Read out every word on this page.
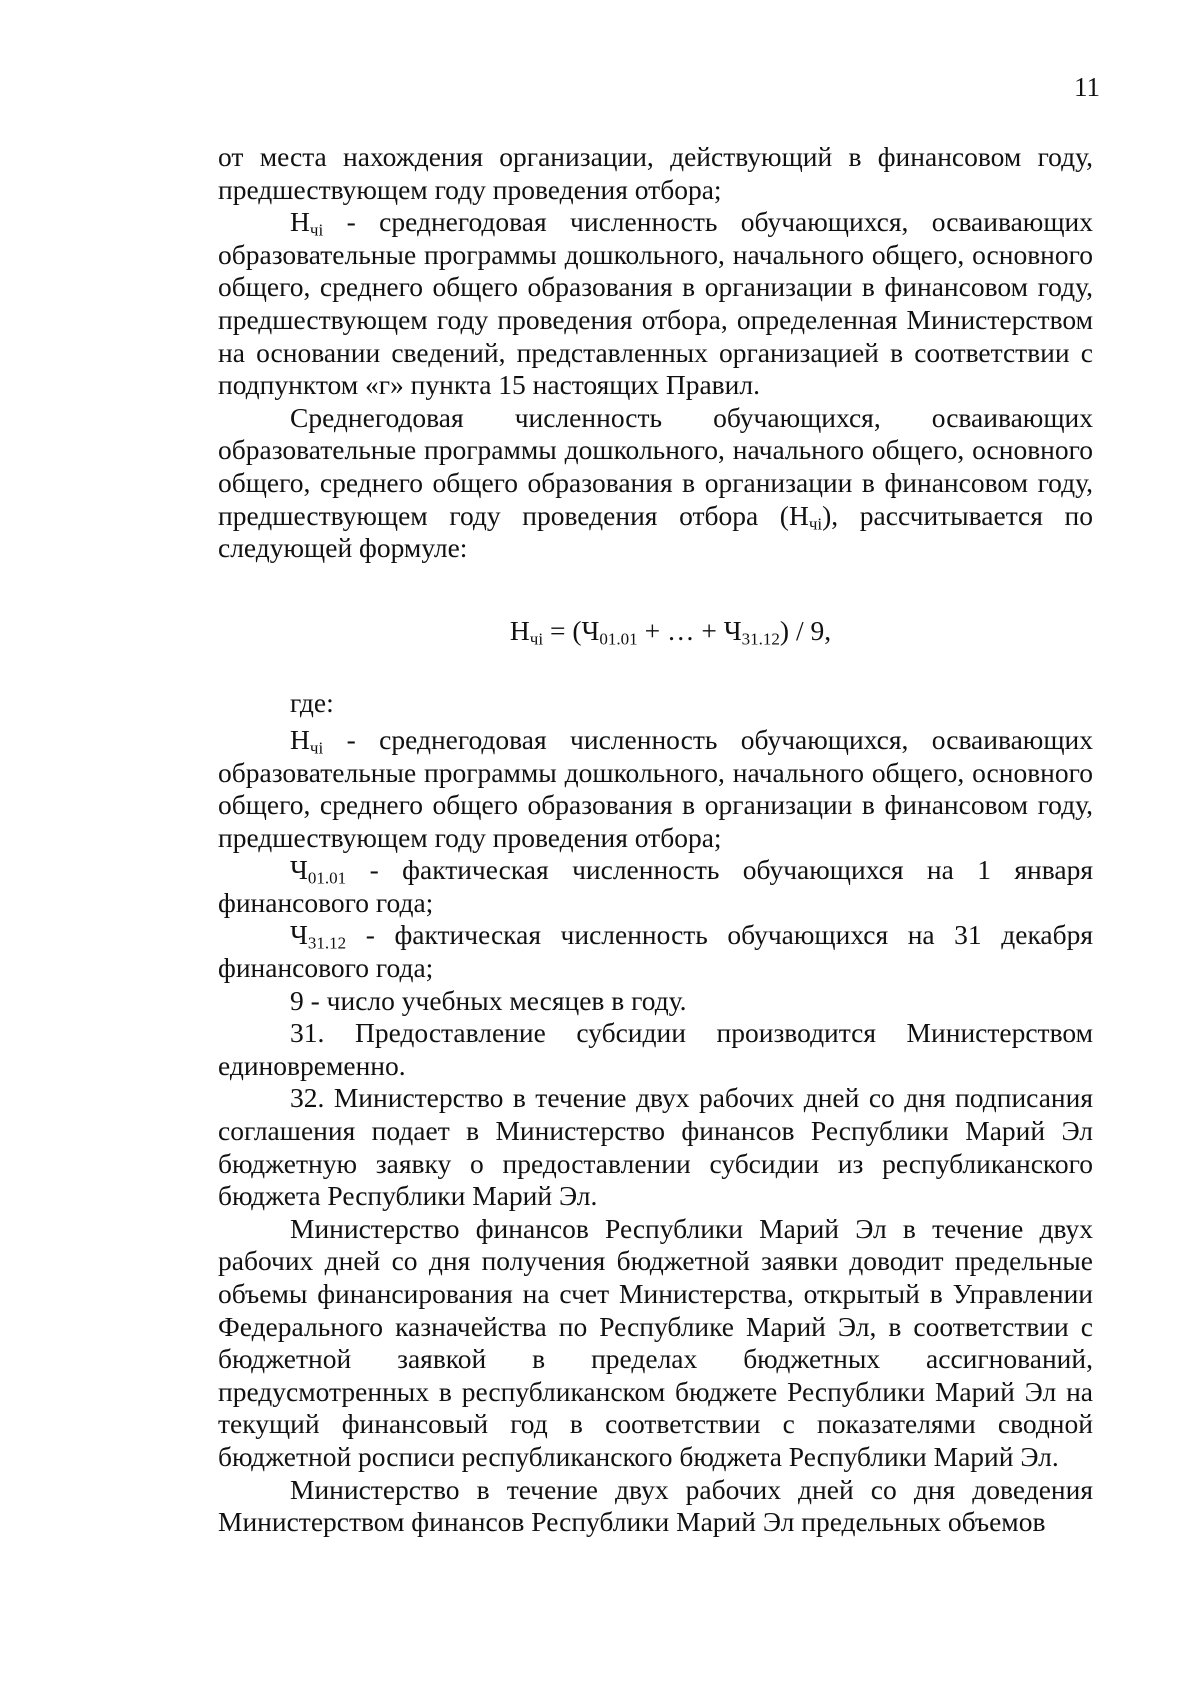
11

от места нахождения организации, действующий в финансовом году, предшествующем году проведения отбора;

$Н_{чi}$ - среднегодовая численность обучающихся, осваивающих образовательные программы дошкольного, начального общего, основного общего, среднего общего образования в организации в финансовом году, предшествующем году проведения отбора, определенная Министерством на основании сведений, представленных организацией в соответствии с подпунктом «г» пункта 15 настоящих Правил.

Среднегодовая численность обучающихся, осваивающих образовательные программы дошкольного, начального общего, основного общего, среднего общего образования в организации в финансовом году, предшествующем году проведения отбора $(Н_{чi})$, рассчитывается по следующей формуле:

$Н_{чi} = (Ч_{01.01}$ + … + $Ч_{31.12}) / 9$,

где:

$Н_{чi}$ - среднегодовая численность обучающихся, осваивающих образовательные программы дошкольного, начального общего, основного общего, среднего общего образования в организации в финансовом году, предшествующем году проведения отбора;

$Ч_{01.01}$ - фактическая численность обучающихся на 1 января финансового года;

$Ч_{31.12}$ - фактическая численность обучающихся на 31 декабря финансового года;

9 - число учебных месяцев в году.

31. Предоставление субсидии производится Министерством единовременно.

32. Министерство в течение двух рабочих дней со дня подписания соглашения подает в Министерство финансов Республики Марий Эл бюджетную заявку о предоставлении субсидии из республиканского бюджета Республики Марий Эл.

Министерство финансов Республики Марий Эл в течение двух рабочих дней со дня получения бюджетной заявки доводит предельные объемы финансирования на счет Министерства, открытый в Управлении Федерального казначейства по Республике Марий Эл, в соответствии с бюджетной заявкой в пределах бюджетных ассигнований, предусмотренных в республиканском бюджете Республики Марий Эл на текущий финансовый год в соответствии с показателями сводной бюджетной росписи республиканского бюджета Республики Марий Эл.

Министерство в течение двух рабочих дней со дня доведения Министерством финансов Республики Марий Эл предельных объемов
